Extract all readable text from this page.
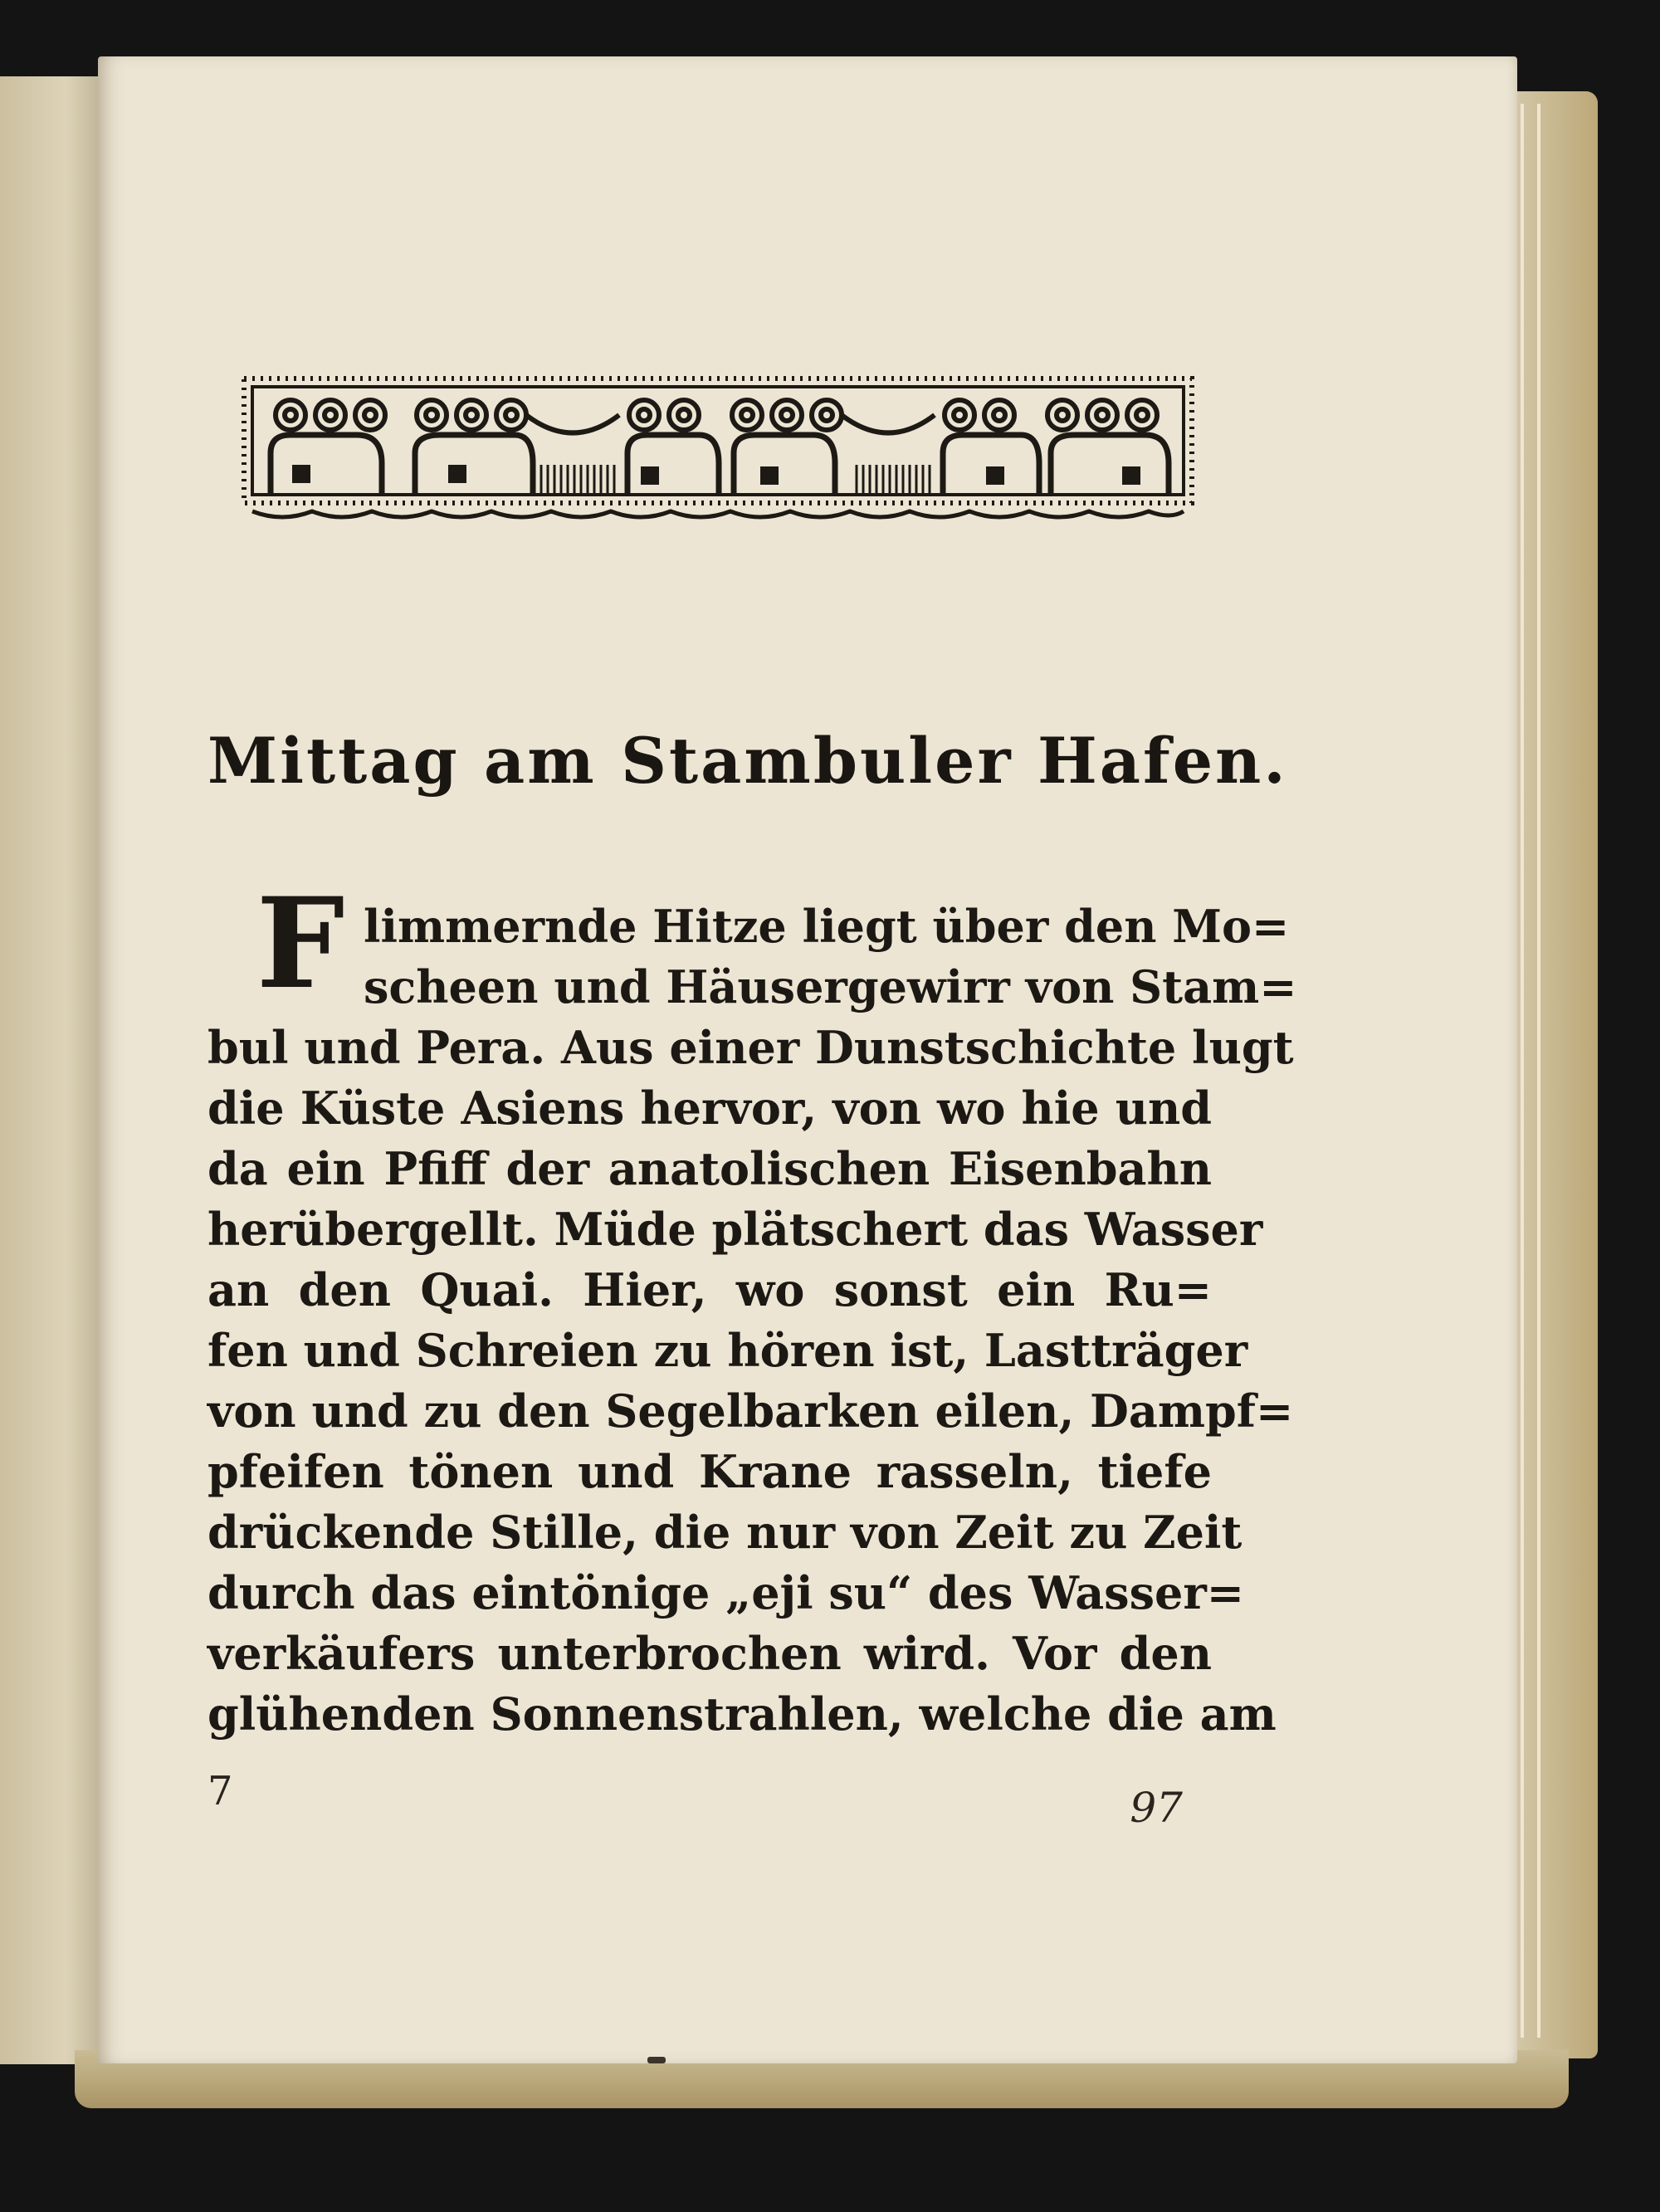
Mittag am Stambuler Hafen.
F limmernde Hitze liegt über den Mo=

scheen und Häusergewirr von Stam=

bul und Pera. Aus einer Dunstschichte lugt

die Küste Asiens hervor, von wo hie und

da ein Pfiff der anatolischen Eisenbahn

herübergellt. Müde plätschert das Wasser

an den Quai. Hier, wo sonst ein Ru=

fen und Schreien zu hören ist, Lastträger

von und zu den Segelbarken eilen, Dampf=

pfeifen tönen und Krane rasseln, tiefe

drückende Stille, die nur von Zeit zu Zeit

durch das eintönige „eji su“ des Wasser=

verkäufers unterbrochen wird. Vor den

glühenden Sonnenstrahlen, welche die am

7	97
